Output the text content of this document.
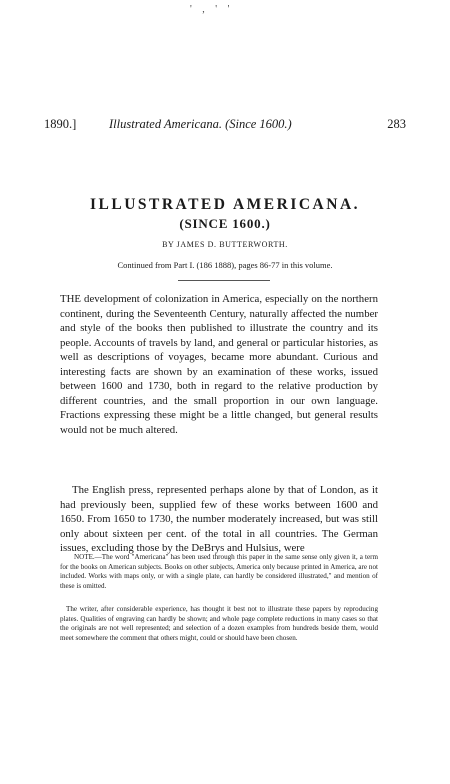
' , ' '
1890.]	Illustrated Americana. (Since 1600.)	283
ILLUSTRATED AMERICANA.
(SINCE 1600.)
BY JAMES D. BUTTERWORTH.
Continued from Part I. (186 1888), pages 86-77 in this volume.

THE development of colonization in America, especially on the northern continent, during the Seventeenth Century, naturally affected the number and style of the books then published to illustrate the country and its people. Accounts of travels by land, and general or particular histories, as well as descriptions of voyages, became more abundant. Curious and interesting facts are shown by an examination of these works, issued between 1600 and 1730, both in regard to the relative production by different countries, and the small proportion in our own language. Fractions expressing these might be a little changed, but general results would not be much altered.

The English press, represented perhaps alone by that of London, as it had previously been, supplied few of these works between 1600 and 1650. From 1650 to 1730, the number moderately increased, but was still only about sixteen per cent. of the total in all countries. The German issues, excluding those by the DeBrys and Hulsius, were

NOTE.—The word "Americana" has been used through this paper in the same sense only given it, a term for the books on American subjects. Books on other subjects, America only because printed in America, are not included. Works with maps only, or with a single plate, can hardly be considered illustrated," and mention of these is omitted.
The writer, after considerable experience, has thought it best not to illustrate these papers by reproducing plates. Qualities of engraving can hardly be shown; and whole page complete reductions in many cases so that the originals are not well represented; and selection of a dozen examples from hundreds beside them, would meet somewhere the comment that others might, could or should have been chosen.
